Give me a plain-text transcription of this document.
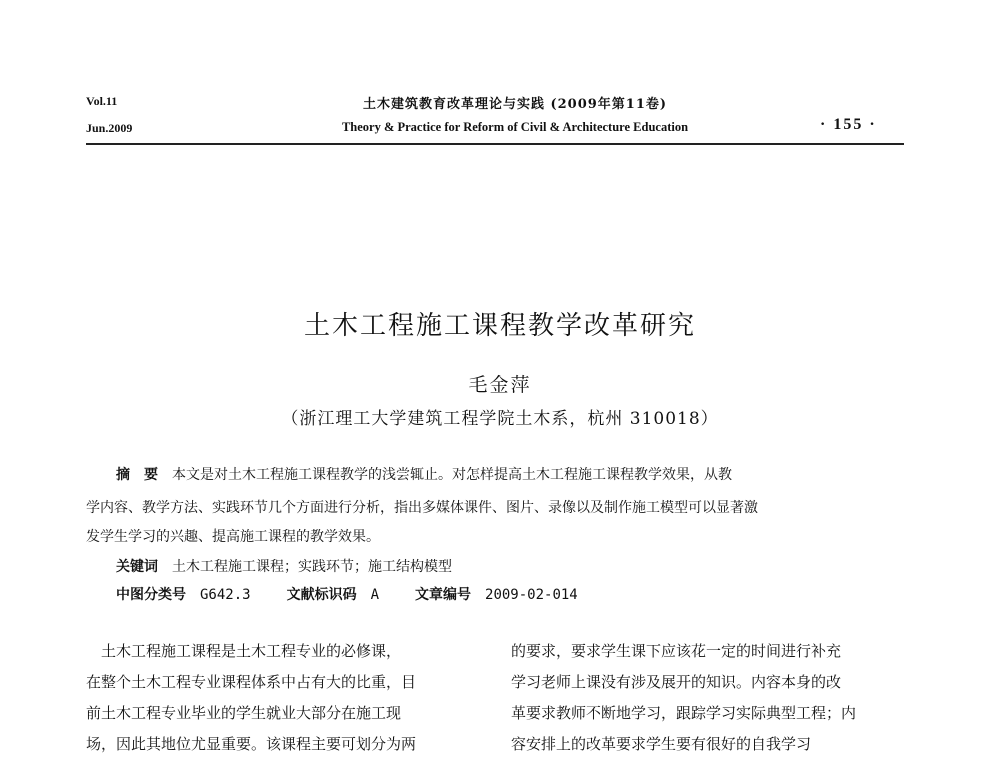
Vol.11
Jun.2009
土木建筑教育改革理论与实践 (2009年第11卷)
Theory & Practice for Reform of Civil & Architecture Education	· 155 ·
土木工程施工课程教学改革研究
毛金萍
（浙江理工大学建筑工程学院土木系，杭州 310018）
摘　要 本文是对土木工程施工课程教学的浅尝辄止。对怎样提高土木工程施工课程教学效果，从教
学内容、教学方法、实践环节几个方面进行分析，指出多媒体课件、图片、录像以及制作施工模型可以显著激
发学生学习的兴趣、提高施工课程的教学效果。
关键词 土木工程施工课程；实践环节；施工结构模型
中图分类号 G642.3	文献标识码 A	文章编号 2009-02-014
　土木工程施工课程是土木工程专业的必修课，
在整个土木工程专业课程体系中占有大的比重，目
前土木工程专业毕业的学生就业大部分在施工现
场，因此其地位尤显重要。该课程主要可划分为两
的要求，要求学生课下应该花一定的时间进行补充
学习老师上课没有涉及展开的知识。内容本身的改
革要求教师不断地学习，跟踪学习实际典型工程；内
容安排上的改革要求学生要有很好的自我学习
